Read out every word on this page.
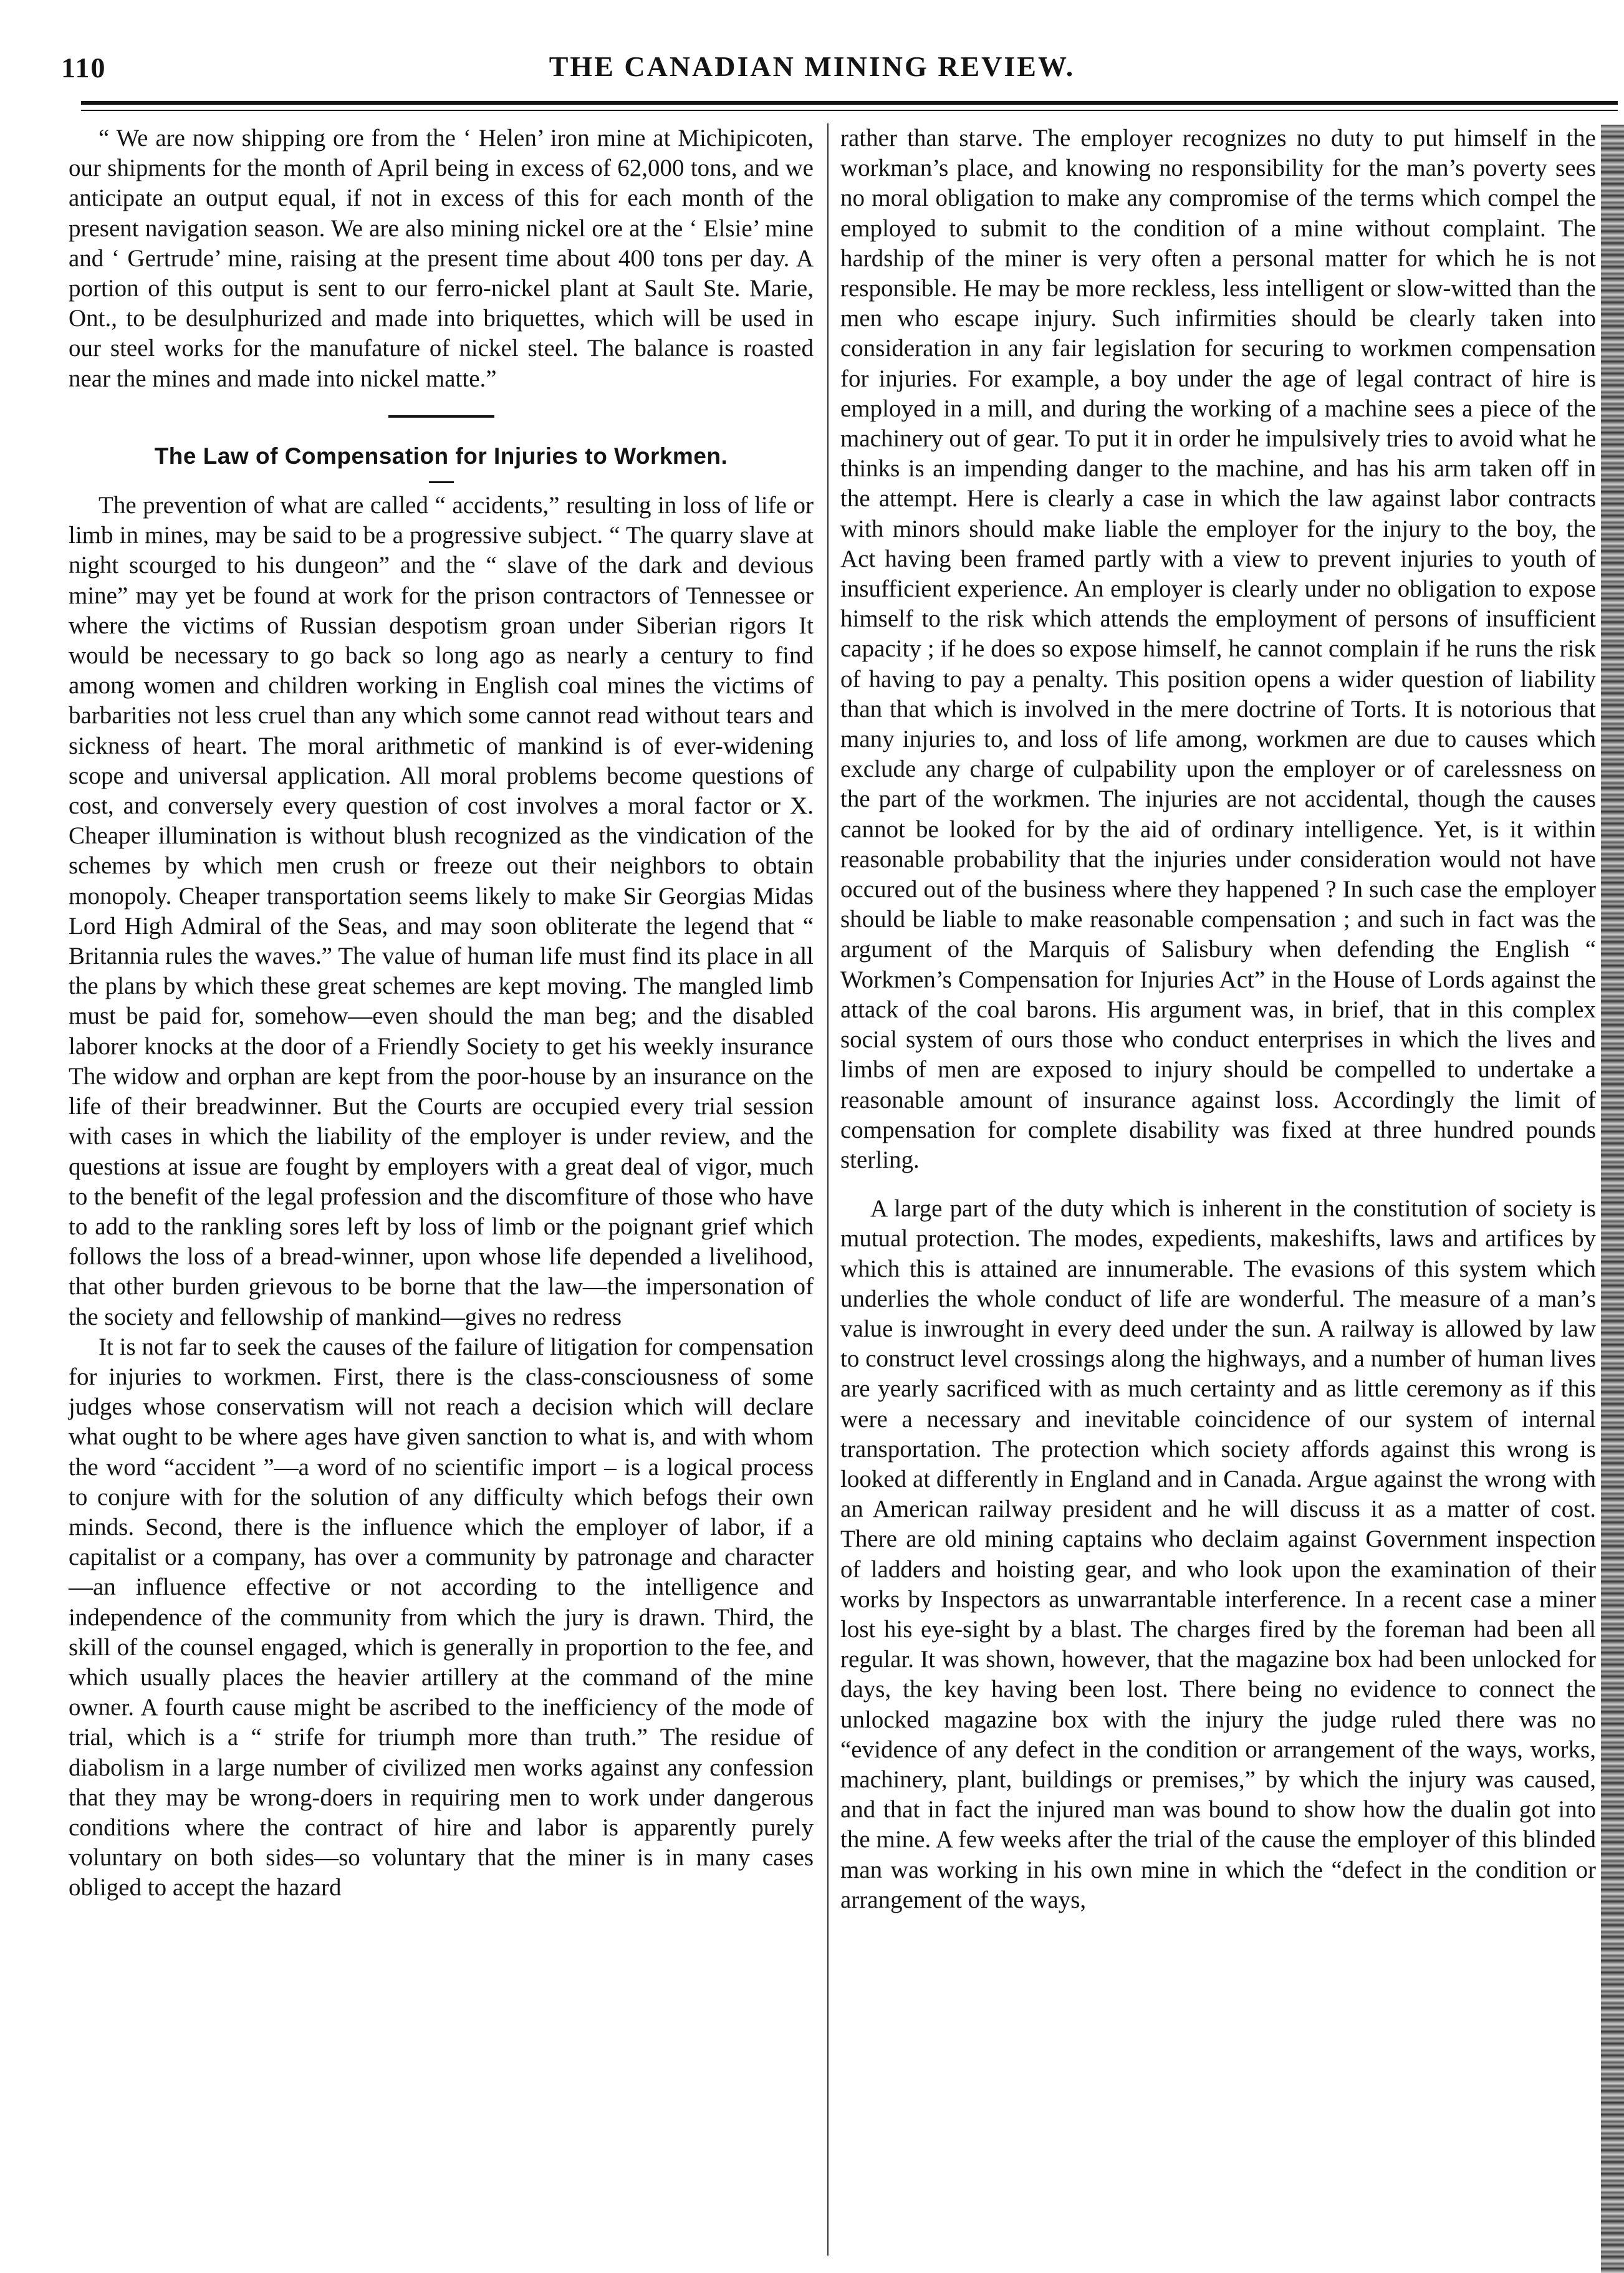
110	THE CANADIAN MINING REVIEW.

“ We are now shipping ore from the ‘ Helen’ iron mine at Michipicoten, our shipments for the month of April being in excess of 62,000 tons, and we anticipate an output equal, if not in excess of this for each month of the present navigation season. We are also mining nickel ore at the ‘ Elsie’ mine and ‘ Gertrude’ mine, raising at the present time about 400 tons per day. A portion of this output is sent to our ferro-nickel plant at Sault Ste. Marie, Ont., to be desulphurized and made into briquettes, which will be used in our steel works for the manufature of nickel steel. The balance is roasted near the mines and made into nickel matte.”

The Law of Compensation for Injuries to Workmen.

The prevention of what are called “ accidents,” resulting in loss of life or limb in mines, may be said to be a progressive subject. “ The quarry slave at night scourged to his dungeon” and the “ slave of the dark and devious mine” may yet be found at work for the prison contractors of Tennessee or where the victims of Russian despotism groan under Siberian rigors It would be necessary to go back so long ago as nearly a century to find among women and children working in English coal mines the victims of barbarities not less cruel than any which some cannot read without tears and sickness of heart. The moral arithmetic of mankind is of ever-widening scope and universal application. All moral problems become questions of cost, and conversely every question of cost involves a moral factor or X. Cheaper illumination is without blush recognized as the vindication of the schemes by which men crush or freeze out their neighbors to obtain monopoly. Cheaper transportation seems likely to make Sir Georgias Midas Lord High Admiral of the Seas, and may soon obliterate the legend that “ Britannia rules the waves.” The value of human life must find its place in all the plans by which these great schemes are kept moving. The mangled limb must be paid for, somehow—even should the man beg; and the disabled laborer knocks at the door of a Friendly Society to get his weekly insurance The widow and orphan are kept from the poor-house by an insurance on the life of their breadwinner. But the Courts are occupied every trial session with cases in which the liability of the employer is under review, and the questions at issue are fought by employers with a great deal of vigor, much to the benefit of the legal profession and the discomfiture of those who have to add to the rankling sores left by loss of limb or the poignant grief which follows the loss of a bread-winner, upon whose life depended a livelihood, that other burden grievous to be borne that the law—the impersonation of the society and fellowship of mankind—gives no redress

It is not far to seek the causes of the failure of litigation for compensation for injuries to workmen. First, there is the class-consciousness of some judges whose conservatism will not reach a decision which will declare what ought to be where ages have given sanction to what is, and with whom the word “accident ”—a word of no scientific import – is a logical process to conjure with for the solution of any difficulty which befogs their own minds. Second, there is the influence which the employer of labor, if a capitalist or a company, has over a community by patronage and character—an influence effective or not according to the intelligence and independence of the community from which the jury is drawn. Third, the skill of the counsel engaged, which is generally in proportion to the fee, and which usually places the heavier artillery at the command of the mine owner. A fourth cause might be ascribed to the inefficiency of the mode of trial, which is a “ strife for triumph more than truth.” The residue of diabolism in a large number of civilized men works against any confession that they may be wrong-doers in requiring men to work under dangerous conditions where the contract of hire and labor is apparently purely voluntary on both sides—so voluntary that the miner is in many cases obliged to accept the hazard

rather than starve. The employer recognizes no duty to put himself in the workman’s place, and knowing no responsibility for the man’s poverty sees no moral obligation to make any compromise of the terms which compel the employed to submit to the condition of a mine without complaint. The hardship of the miner is very often a personal matter for which he is not responsible. He may be more reckless, less intelligent or slow-witted than the men who escape injury. Such infirmities should be clearly taken into consideration in any fair legislation for securing to workmen compensation for injuries. For example, a boy under the age of legal contract of hire is employed in a mill, and during the working of a machine sees a piece of the machinery out of gear. To put it in order he impulsively tries to avoid what he thinks is an impending danger to the machine, and has his arm taken off in the attempt. Here is clearly a case in which the law against labor contracts with minors should make liable the employer for the injury to the boy, the Act having been framed partly with a view to prevent injuries to youth of insufficient experience. An employer is clearly under no obligation to expose himself to the risk which attends the employment of persons of insufficient capacity ; if he does so expose himself, he cannot complain if he runs the risk of having to pay a penalty. This position opens a wider question of liability than that which is involved in the mere doctrine of Torts. It is notorious that many injuries to, and loss of life among, workmen are due to causes which exclude any charge of culpability upon the employer or of carelessness on the part of the workmen. The injuries are not accidental, though the causes cannot be looked for by the aid of ordinary intelligence. Yet, is it within reasonable probability that the injuries under consideration would not have occured out of the business where they happened ? In such case the employer should be liable to make reasonable compensation ; and such in fact was the argument of the Marquis of Salisbury when defending the English “ Workmen’s Compensation for Injuries Act” in the House of Lords against the attack of the coal barons. His argument was, in brief, that in this complex social system of ours those who conduct enterprises in which the lives and limbs of men are exposed to injury should be compelled to undertake a reasonable amount of insurance against loss. Accordingly the limit of compensation for complete disability was fixed at three hundred pounds sterling.

A large part of the duty which is inherent in the constitution of society is mutual protection. The modes, expedients, makeshifts, laws and artifices by which this is attained are innumerable. The evasions of this system which underlies the whole conduct of life are wonderful. The measure of a man’s value is inwrought in every deed under the sun. A railway is allowed by law to construct level crossings along the highways, and a number of human lives are yearly sacrificed with as much certainty and as little ceremony as if this were a necessary and inevitable coincidence of our system of internal transportation. The protection which society affords against this wrong is looked at differently in England and in Canada. Argue against the wrong with an American railway president and he will discuss it as a matter of cost. There are old mining captains who declaim against Government inspection of ladders and hoisting gear, and who look upon the examination of their works by Inspectors as unwarrantable interference. In a recent case a miner lost his eye-sight by a blast. The charges fired by the foreman had been all regular. It was shown, however, that the magazine box had been unlocked for days, the key having been lost. There being no evidence to connect the unlocked magazine box with the injury the judge ruled there was no “evidence of any defect in the condition or arrangement of the ways, works, machinery, plant, buildings or premises,” by which the injury was caused, and that in fact the injured man was bound to show how the dualin got into the mine. A few weeks after the trial of the cause the employer of this blinded man was working in his own mine in which the “defect in the condition or arrangement of the ways,
